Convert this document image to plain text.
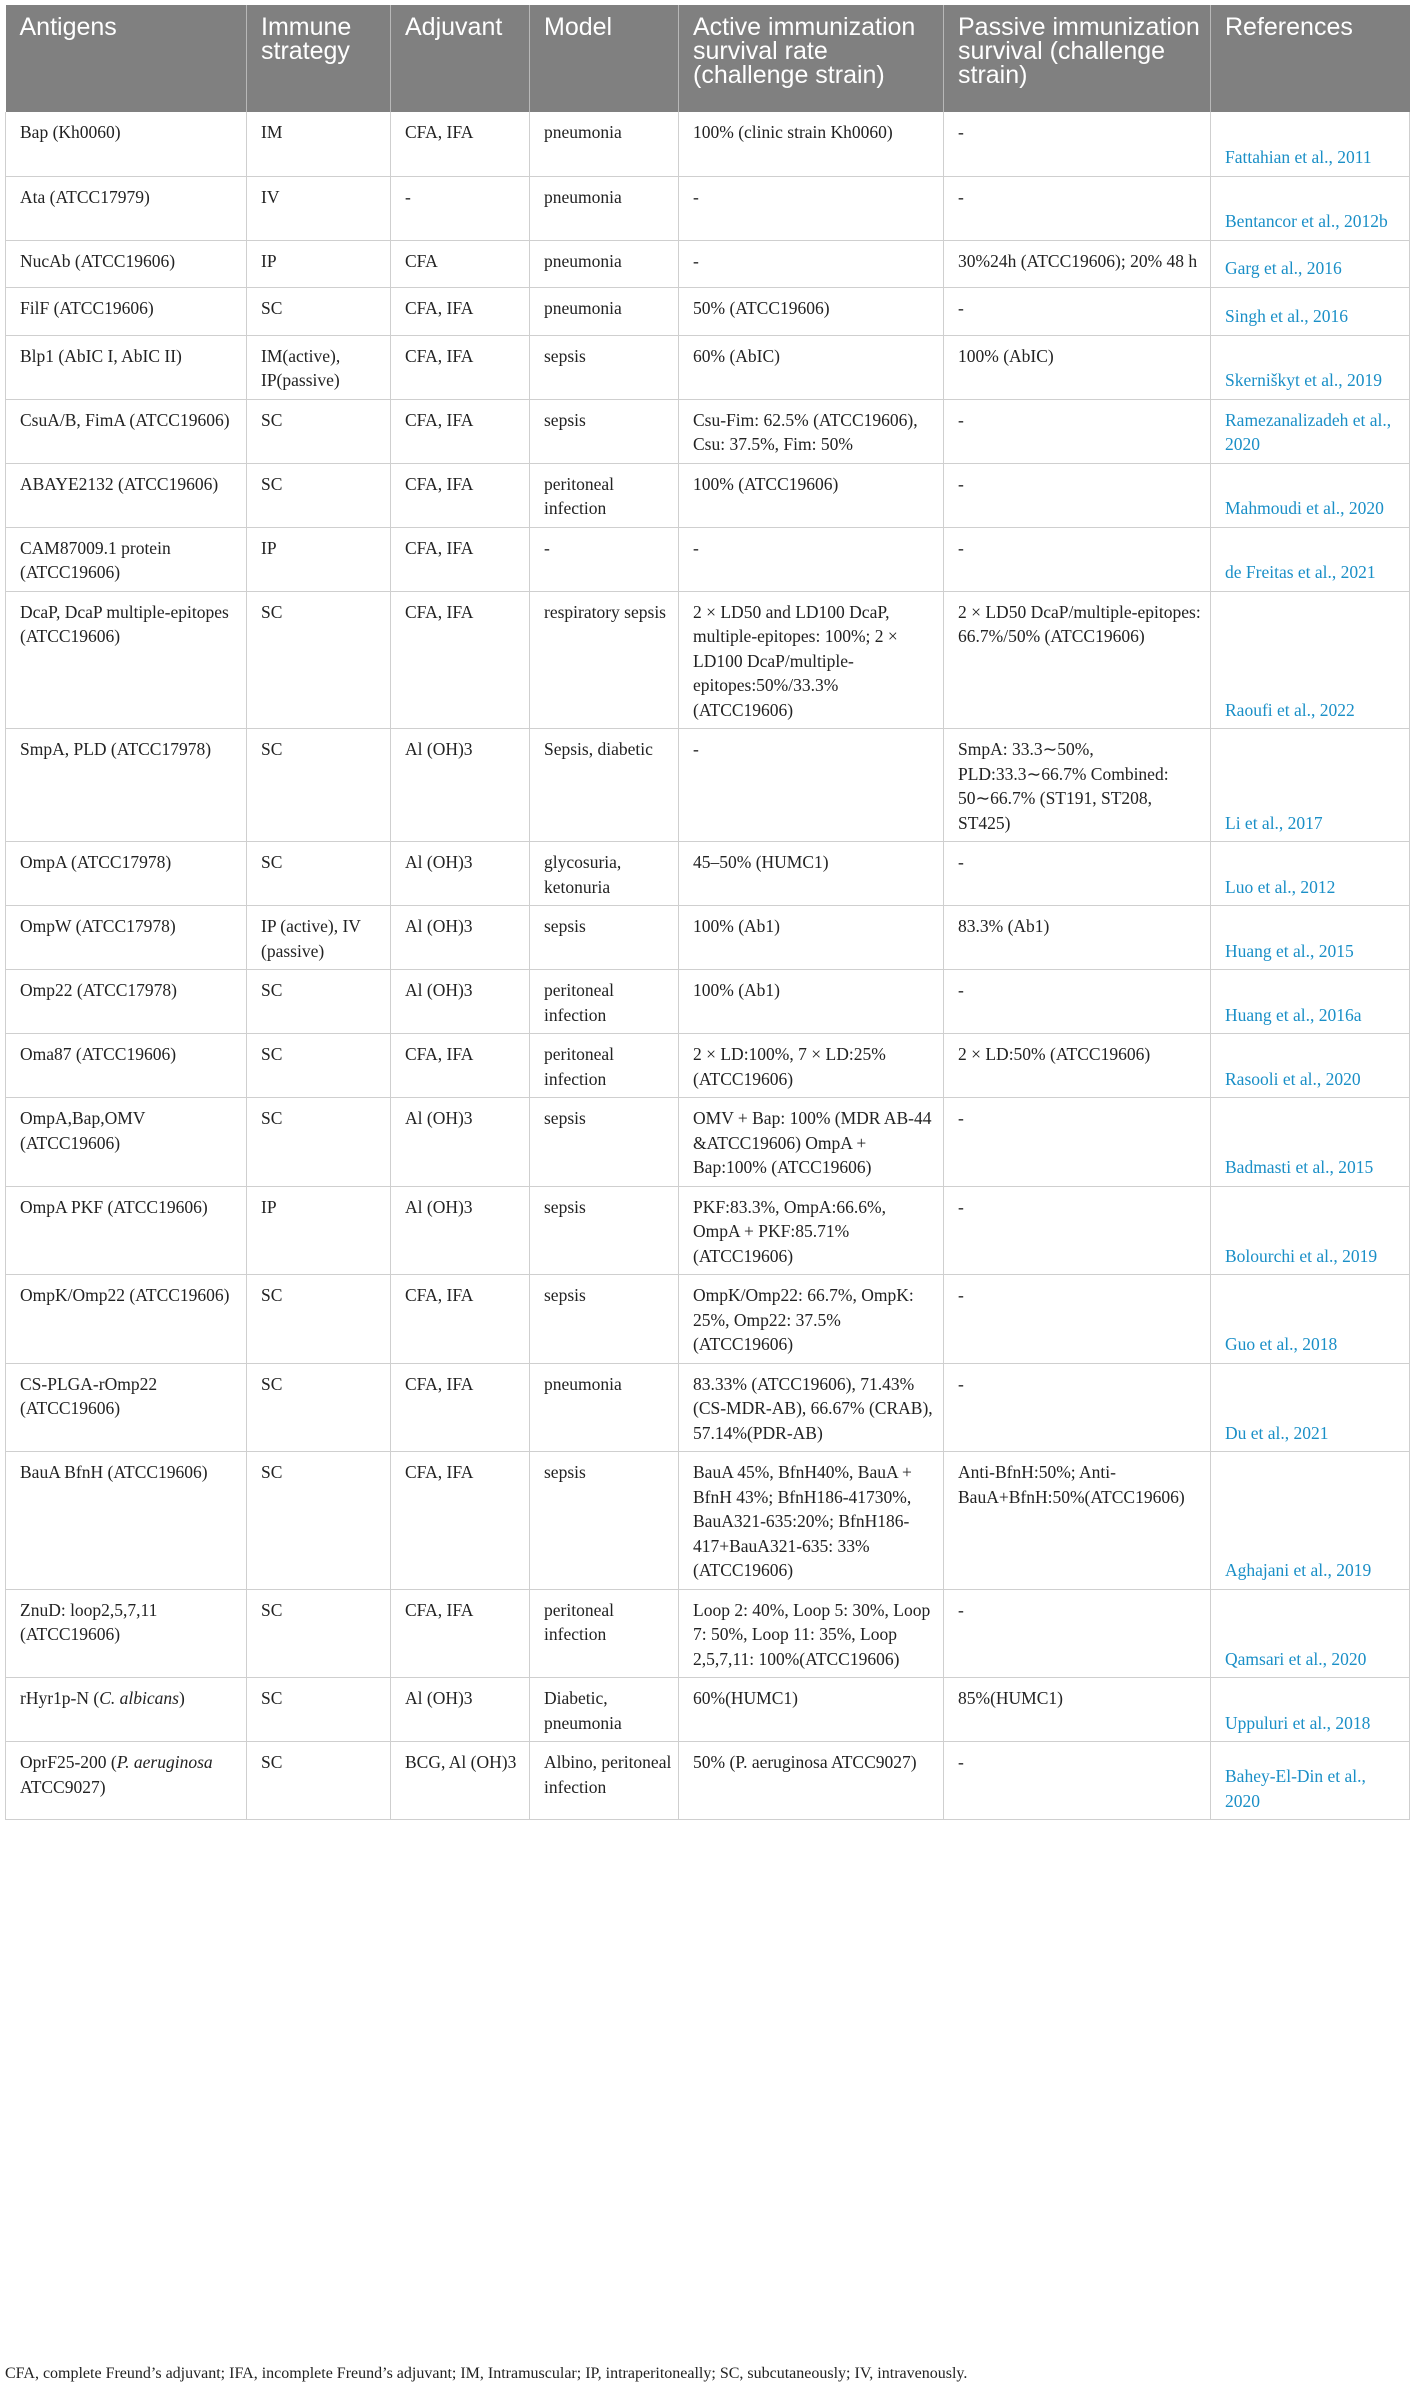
Antigens	Immune strategy	Adjuvant	Model	Active immunization survival rate (challenge strain)	Passive immunization survival (challenge strain)	References
Bap (Kh0060)	IM	CFA, IFA	pneumonia	100% (clinic strain Kh0060)	-	Fattahian et al., 2011
Ata (ATCC17979)	IV	-	pneumonia	-	-	Bentancor et al., 2012b
NucAb (ATCC19606)	IP	CFA	pneumonia	-	30%24h (ATCC19606); 20% 48 h	Garg et al., 2016
FilF (ATCC19606)	SC	CFA, IFA	pneumonia	50% (ATCC19606)	-	Singh et al., 2016
Blp1 (AbIC I, AbIC II)	IM(active), IP(passive)	CFA, IFA	sepsis	60% (AbIC)	100% (AbIC)	Skerniškyt et al., 2019
CsuA/B, FimA (ATCC19606)	SC	CFA, IFA	sepsis	Csu-Fim: 62.5% (ATCC19606), Csu: 37.5%, Fim: 50%	-	Ramezanalizadeh et al., 2020
ABAYE2132 (ATCC19606)	SC	CFA, IFA	peritoneal infection	100% (ATCC19606)	-	Mahmoudi et al., 2020
CAM87009.1 protein (ATCC19606)	IP	CFA, IFA	-	-	-	de Freitas et al., 2021
DcaP, DcaP multiple-epitopes (ATCC19606)	SC	CFA, IFA	respiratory sepsis	2 × LD50 and LD100 DcaP, multiple-epitopes: 100%; 2 × LD100 DcaP/multiple-epitopes:50%/33.3% (ATCC19606)	2 × LD50 DcaP/multiple-epitopes: 66.7%/50% (ATCC19606)	Raoufi et al., 2022
SmpA, PLD (ATCC17978)	SC	Al (OH)3	Sepsis, diabetic	-	SmpA: 33.3∼50%, PLD:33.3∼66.7% Combined: 50∼66.7% (ST191, ST208, ST425)	Li et al., 2017
OmpA (ATCC17978)	SC	Al (OH)3	glycosuria, ketonuria	45–50% (HUMC1)	-	Luo et al., 2012
OmpW (ATCC17978)	IP (active), IV (passive)	Al (OH)3	sepsis	100% (Ab1)	83.3% (Ab1)	Huang et al., 2015
Omp22 (ATCC17978)	SC	Al (OH)3	peritoneal infection	100% (Ab1)	-	Huang et al., 2016a
Oma87 (ATCC19606)	SC	CFA, IFA	peritoneal infection	2 × LD:100%, 7 × LD:25% (ATCC19606)	2 × LD:50% (ATCC19606)	Rasooli et al., 2020
OmpA,Bap,OMV (ATCC19606)	SC	Al (OH)3	sepsis	OMV + Bap: 100% (MDR AB-44 &ATCC19606) OmpA + Bap:100% (ATCC19606)	-	Badmasti et al., 2015
OmpA PKF (ATCC19606)	IP	Al (OH)3	sepsis	PKF:83.3%, OmpA:66.6%, OmpA + PKF:85.71% (ATCC19606)	-	Bolourchi et al., 2019
OmpK/Omp22 (ATCC19606)	SC	CFA, IFA	sepsis	OmpK/Omp22: 66.7%, OmpK: 25%, Omp22: 37.5% (ATCC19606)	-	Guo et al., 2018
CS-PLGA-rOmp22 (ATCC19606)	SC	CFA, IFA	pneumonia	83.33% (ATCC19606), 71.43% (CS-MDR-AB), 66.67% (CRAB), 57.14%(PDR-AB)	-	Du et al., 2021
BauA BfnH (ATCC19606)	SC	CFA, IFA	sepsis	BauA 45%, BfnH40%, BauA + BfnH 43%; BfnH186-41730%, BauA321-635:20%; BfnH186-417+BauA321-635: 33% (ATCC19606)	Anti-BfnH:50%; Anti-BauA+BfnH:50%(ATCC19606)	Aghajani et al., 2019
ZnuD: loop2,5,7,11 (ATCC19606)	SC	CFA, IFA	peritoneal infection	Loop 2: 40%, Loop 5: 30%, Loop 7: 50%, Loop 11: 35%, Loop 2,5,7,11: 100%(ATCC19606)	-	Qamsari et al., 2020
rHyr1p-N (C. albicans)	SC	Al (OH)3	Diabetic, pneumonia	60%(HUMC1)	85%(HUMC1)	Uppuluri et al., 2018
OprF25-200 (P. aeruginosa ATCC9027)	SC	BCG, Al (OH)3	Albino, peritoneal infection	50% (P. aeruginosa ATCC9027)	-	Bahey-El-Din et al., 2020
CFA, complete Freund’s adjuvant; IFA, incomplete Freund’s adjuvant; IM, Intramuscular; IP, intraperitoneally; SC, subcutaneously; IV, intravenously.
